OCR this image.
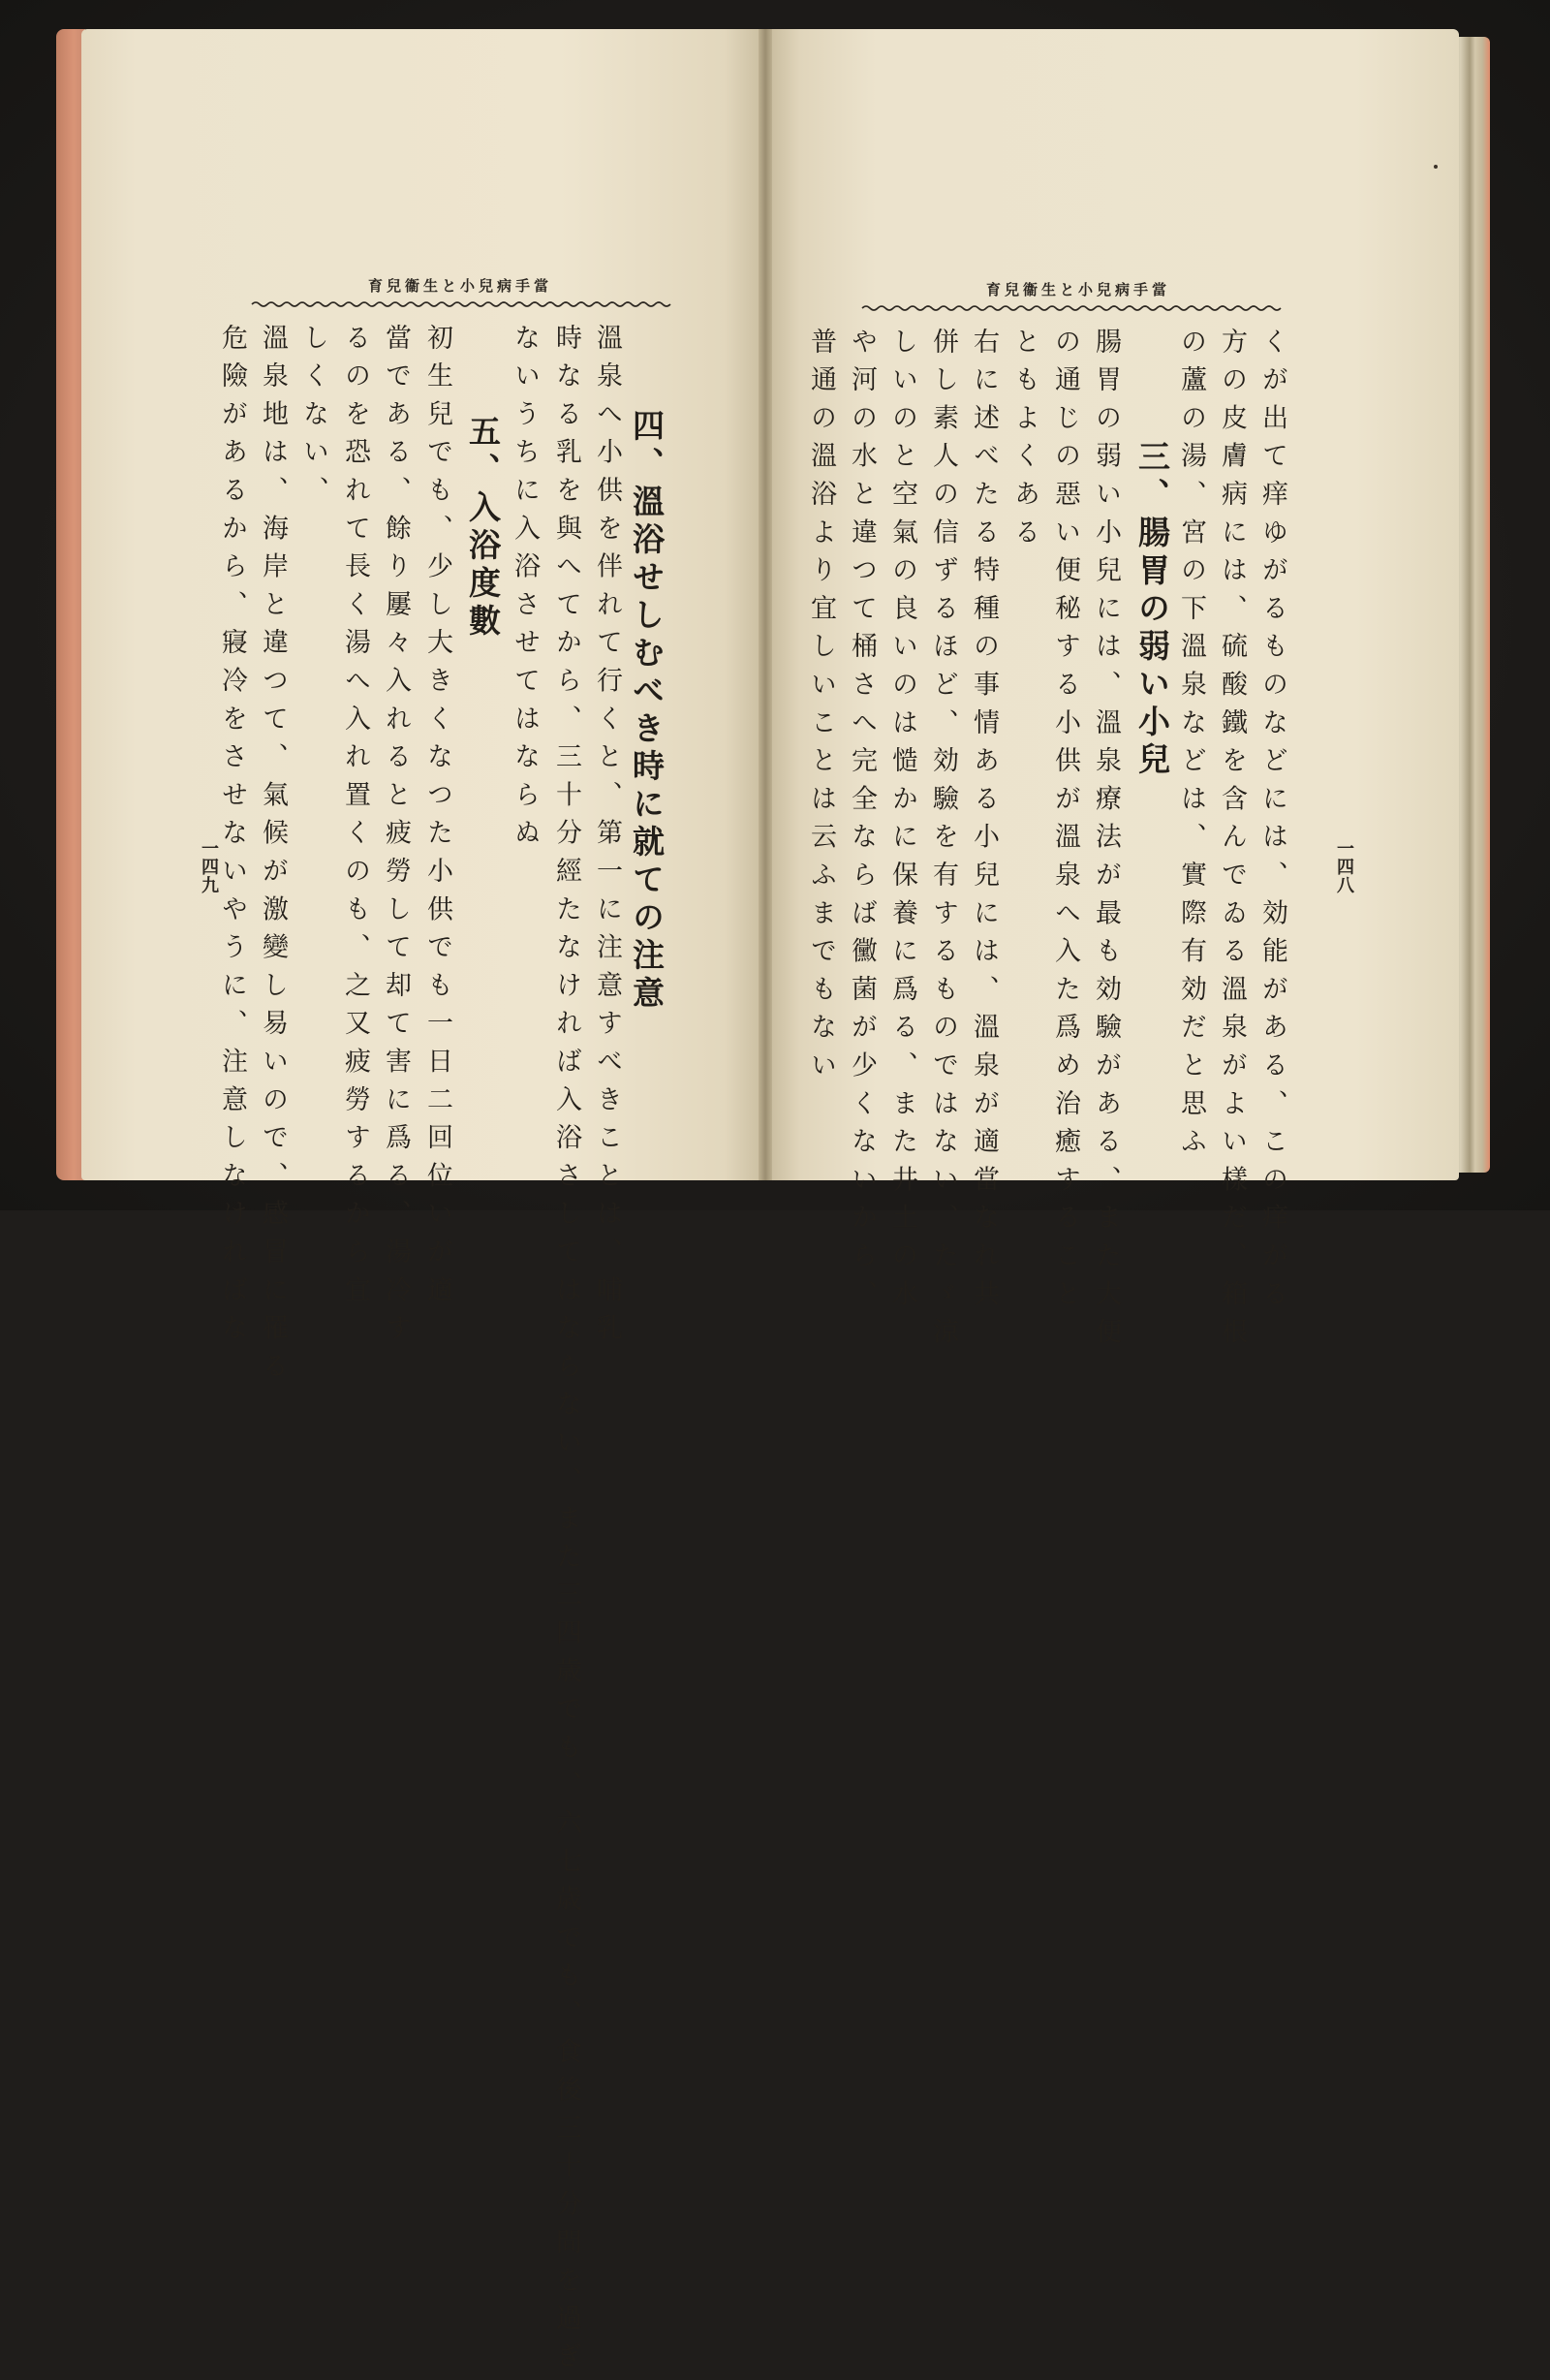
育兒衞生と小兒病手當
四、溫浴せしむべき時に就ての注意
溫泉へ小供を伴れて行くと、第一に注意すべきことは、哺乳
時なる乳を與へてから、三十分經たなければ入浴さしてはならない、また三四歳でも、六七歳でも、食後三十分間を過ぎ
ないうちに入浴させてはならぬ
五、入浴度數
初生兒でも、少し大きくなつた小供でも一日二回位いが適
當である、餘り屢々入れると疲勞して却て害に爲る、湯冷す
るのを恐れて長く湯へ入れ置くのも、之又疲勞するから宜
しくない、
溫泉地は、海岸と違つて、氣候が激變し易いので、感冒に罹る
危險があるから、寢冷をさせないやうに、注意しなければな
一四九
育兒衞生と小兒病手當
くが出て痒ゆがるものなどには、効能がある、この痒がる
方の皮膚病には、硫酸鐵を含んでゐる溫泉がよい樣だ、箱根
の蘆の湯、宮の下溫泉などは、實際有効だと思ふ
三、腸胃の弱い小兒
腸胃の弱い小兒には、溫泉療法が最も効驗がある、また大便
の通じの惡い便秘する小供が溫泉へ入た爲め治癒すること
ともよくある
右に述べたる特種の事情ある小兒には、溫泉が適當なれ共
併し素人の信ずるほど、効驗を有するものではない、たゞ涼
しいのと空氣の良いのは慥かに保養に爲る、また井土の水
や河の水と違つて桶さへ完全ならば黴菌が少くないから、
普通の溫浴より宜しいことは云ふまでもない	一四八
